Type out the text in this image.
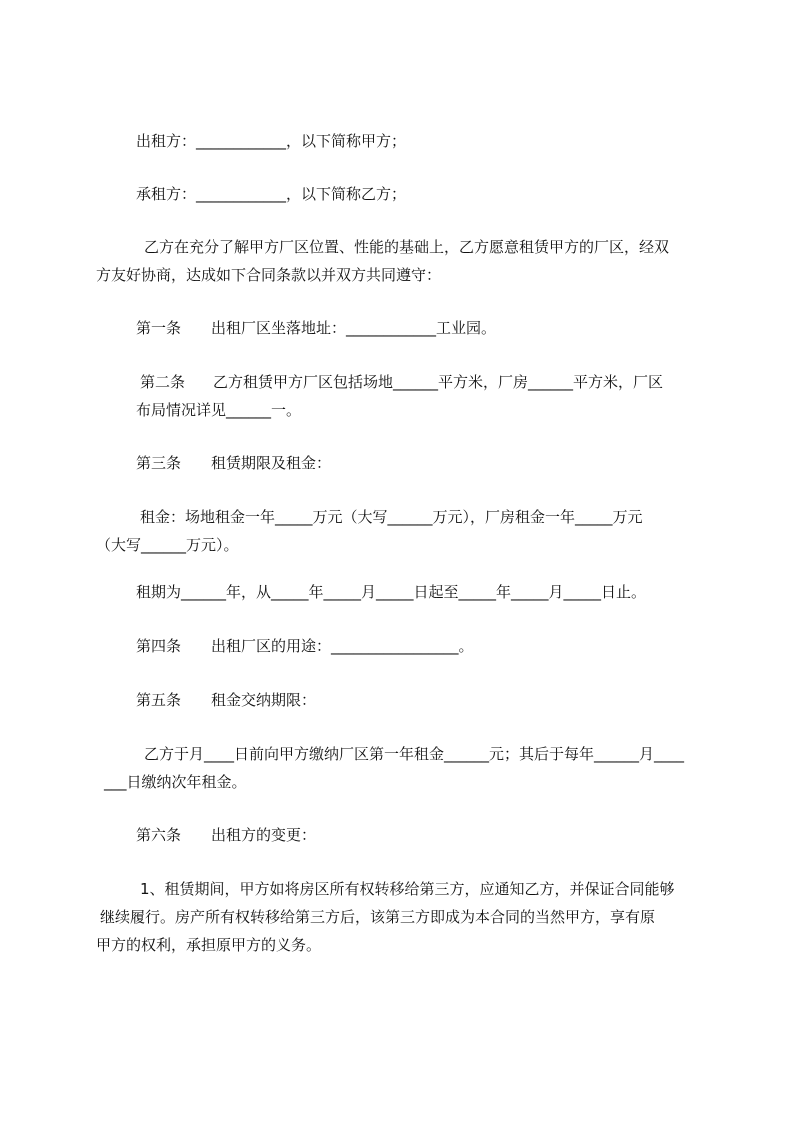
出租方：____________，以下简称甲方；

承租方：____________，以下简称乙方；

乙方在充分了解甲方厂区位置、性能的基础上，乙方愿意租赁甲方的厂区，经双
方友好协商，达成如下合同条款以并双方共同遵守：

第一条 出租厂区坐落地址：____________工业园。

第二条 乙方租赁甲方厂区包括场地______平方米，厂房______平方米，厂区
布局情况详见______一。

第三条 租赁期限及租金：

租金：场地租金一年_____万元（大写______万元），厂房租金一年_____万元
（大写______万元）。

租期为______年，从_____年_____月_____日起至_____年_____月_____日止。

第四条 出租厂区的用途：_________________。

第五条 租金交纳期限：

乙方于月____日前向甲方缴纳厂区第一年租金______元；其后于每年______月____
___日缴纳次年租金。

第六条 出租方的变更：

1、租赁期间，甲方如将房区所有权转移给第三方，应通知乙方，并保证合同能够
继续履行。房产所有权转移给第三方后，该第三方即成为本合同的当然甲方，享有原
甲方的权利，承担原甲方的义务。
